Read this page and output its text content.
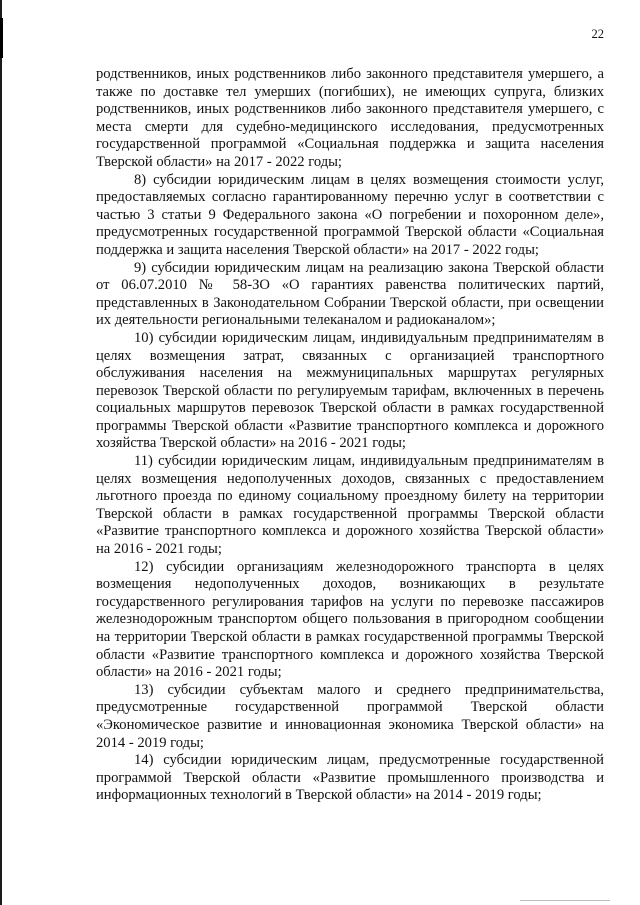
22

родственников, иных родственников либо законного представителя умершего, а также по доставке тел умерших (погибших), не имеющих супруга, близких родственников, иных родственников либо законного представителя умершего, с места смерти для судебно-медицинского исследования, предусмотренных государственной программой «Социальная поддержка и защита населения Тверской области» на 2017 - 2022 годы;

8) субсидии юридическим лицам в целях возмещения стоимости услуг, предоставляемых согласно гарантированному перечню услуг в соответствии с частью 3 статьи 9 Федерального закона «О погребении и похоронном деле», предусмотренных государственной программой Тверской области «Социальная поддержка и защита населения Тверской области» на 2017 - 2022 годы;

9) субсидии юридическим лицам на реализацию закона Тверской области от 06.07.2010 № 58-ЗО «О гарантиях равенства политических партий, представленных в Законодательном Собрании Тверской области, при освещении их деятельности региональными телеканалом и радиоканалом»;

10) субсидии юридическим лицам, индивидуальным предпринимателям в целях возмещения затрат, связанных с организацией транспортного обслуживания населения на межмуниципальных маршрутах регулярных перевозок Тверской области по регулируемым тарифам, включенных в перечень социальных маршрутов перевозок Тверской области в рамках государственной программы Тверской области «Развитие транспортного комплекса и дорожного хозяйства Тверской области» на 2016 - 2021 годы;

11) субсидии юридическим лицам, индивидуальным предпринимателям в целях возмещения недополученных доходов, связанных с предоставлением льготного проезда по единому социальному проездному билету на территории Тверской области в рамках государственной программы Тверской области «Развитие транспортного комплекса и дорожного хозяйства Тверской области» на 2016 - 2021 годы;

12) субсидии организациям железнодорожного транспорта в целях возмещения недополученных доходов, возникающих в результате государственного регулирования тарифов на услуги по перевозке пассажиров железнодорожным транспортом общего пользования в пригородном сообщении на территории Тверской области в рамках государственной программы Тверской области «Развитие транспортного комплекса и дорожного хозяйства Тверской области» на 2016 - 2021 годы;

13) субсидии субъектам малого и среднего предпринимательства, предусмотренные государственной программой Тверской области «Экономическое развитие и инновационная экономика Тверской области» на 2014 - 2019 годы;

14) субсидии юридическим лицам, предусмотренные государственной программой Тверской области «Развитие промышленного производства и информационных технологий в Тверской области» на 2014 - 2019 годы;
